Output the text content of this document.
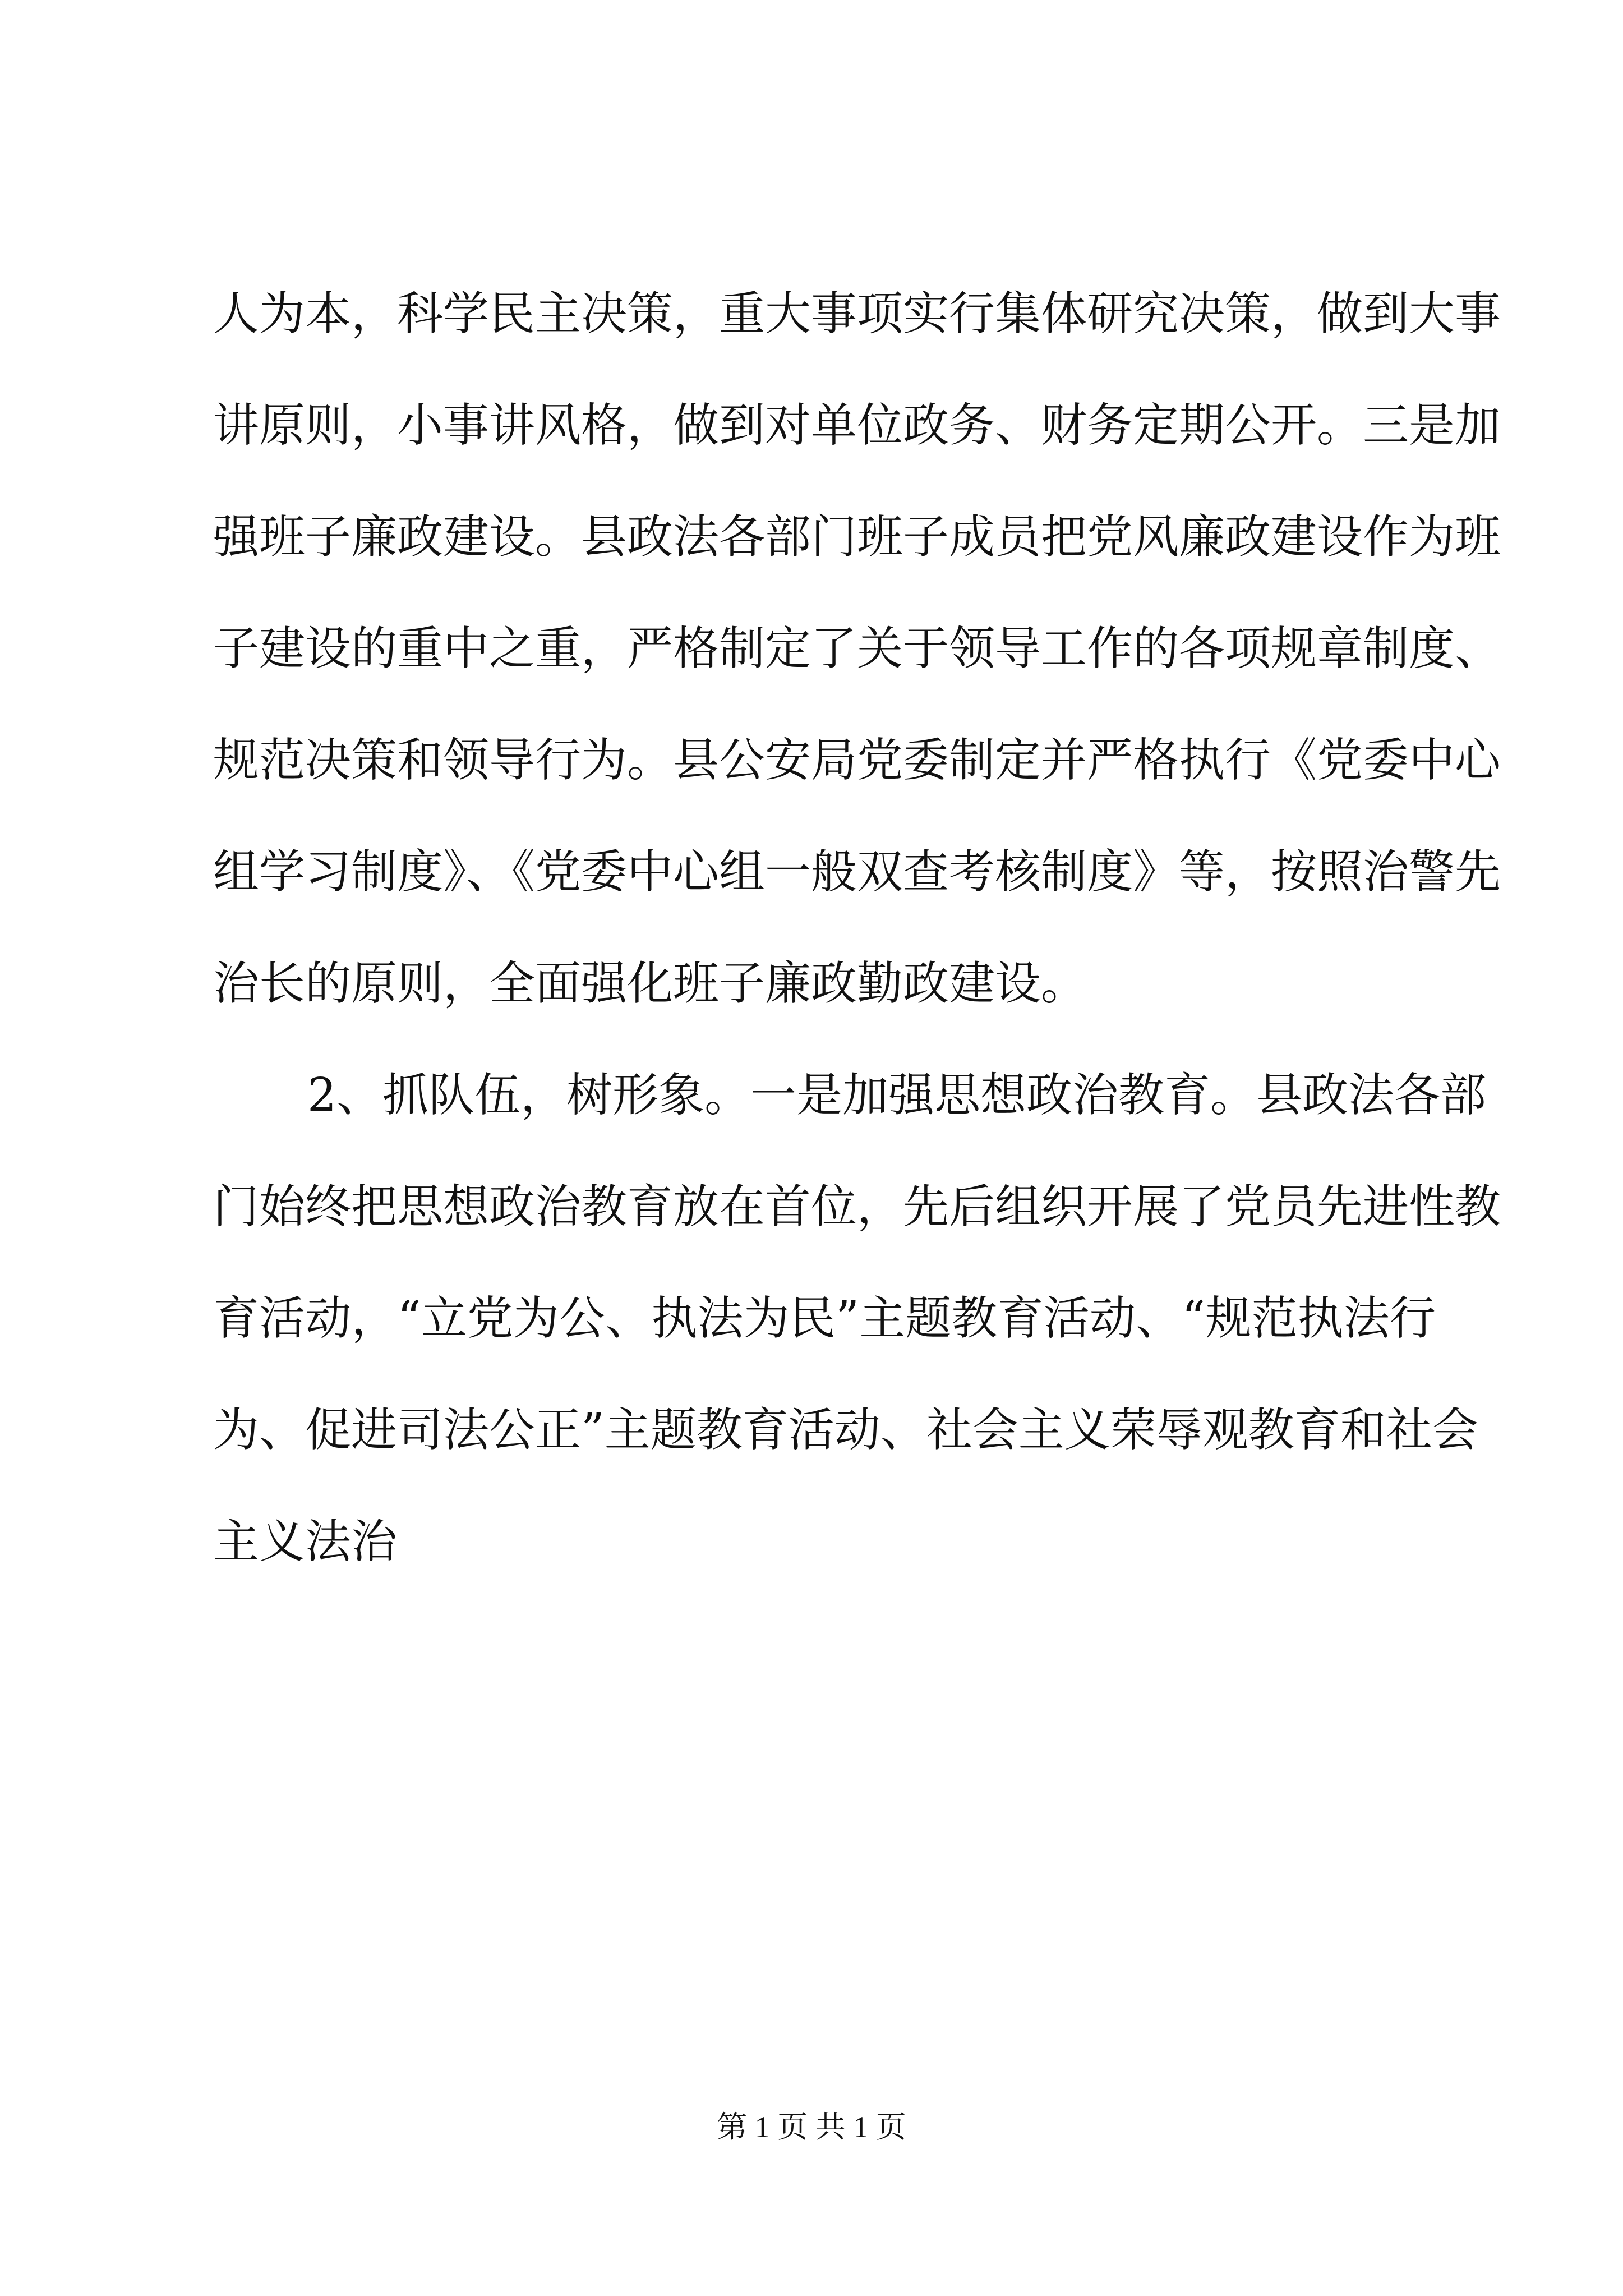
人为本，科学民主决策，重大事项实行集体研究决策，做到大事
讲原则，小事讲风格，做到对单位政务、财务定期公开。三是加
强班子廉政建设。县政法各部门班子成员把党风廉政建设作为班
子建设的重中之重，严格制定了关于领导工作的各项规章制度、
规范决策和领导行为。县公安局党委制定并严格执行《党委中心
组学习制度》、《党委中心组一般双查考核制度》等，按照治警先
治长的原则，全面强化班子廉政勤政建设。
2、抓队伍，树形象。一是加强思想政治教育。县政法各部
门始终把思想政治教育放在首位，先后组织开展了党员先进性教
育活动，“立党为公、执法为民”主题教育活动、“规范执法行
为、促进司法公正”主题教育活动、社会主义荣辱观教育和社会
主义法治
第 1 页 共 1 页
